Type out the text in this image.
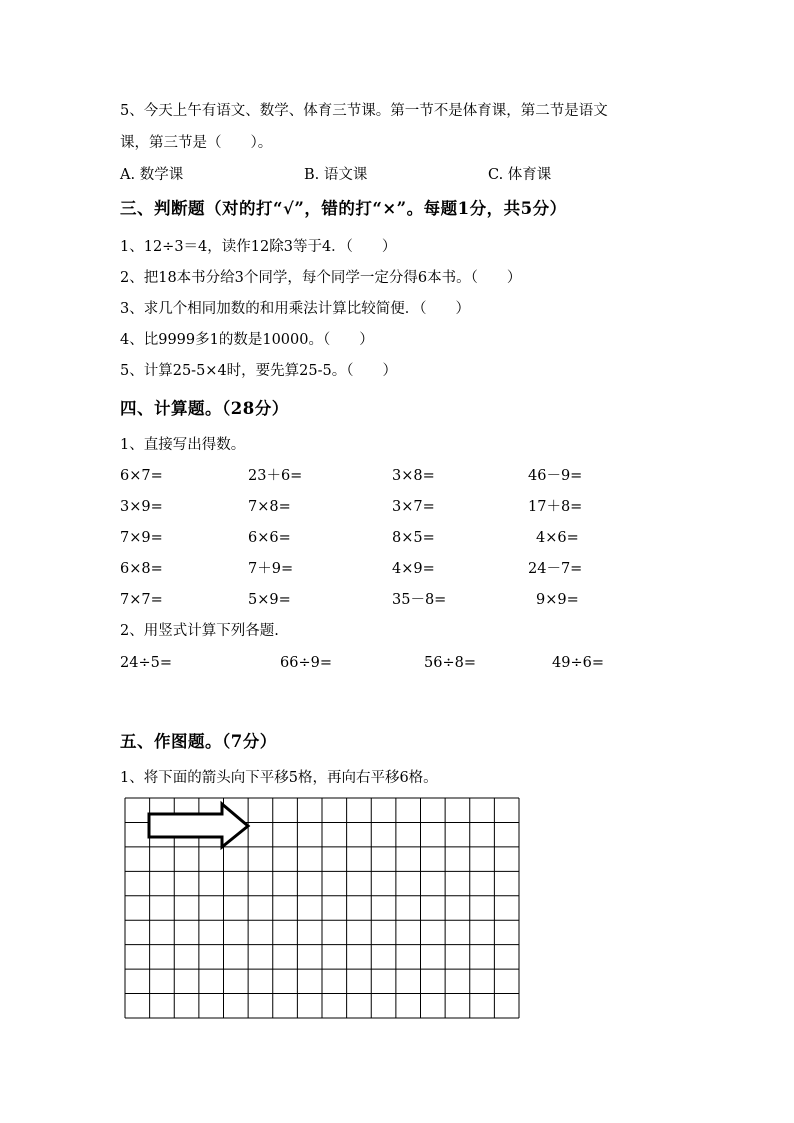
5、今天上午有语文、数学、体育三节课。第一节不是体育课，第二节是语文
课，第三节是（　　）。
A. 数学课	B. 语文课	C. 体育课
三、判断题（对的打“√”，错的打“×”。每题1分，共5分）
1、12÷3＝4，读作12除3等于4．（　　）
2、把18本书分给3个同学，每个同学一定分得6本书。（　　）
3、求几个相同加数的和用乘法计算比较简便．（　　）
4、比9999多1的数是10000。（　　）
5、计算25-5×4时，要先算25-5。（　　）
四、计算题。（28分）
1、直接写出得数。
6×7=	23＋6=	3×8=	46－9=
3×9=	7×8=	3×7=	17＋8=
7×9=	6×6=	8×5=	4×6=
6×8=	7＋9=	4×9=	24－7=
7×7=	5×9=	35－8=	9×9=
2、用竖式计算下列各题.
24÷5=	66÷9=	56÷8=	49÷6=
五、作图题。（7分）
1、将下面的箭头向下平移5格，再向右平移6格。
